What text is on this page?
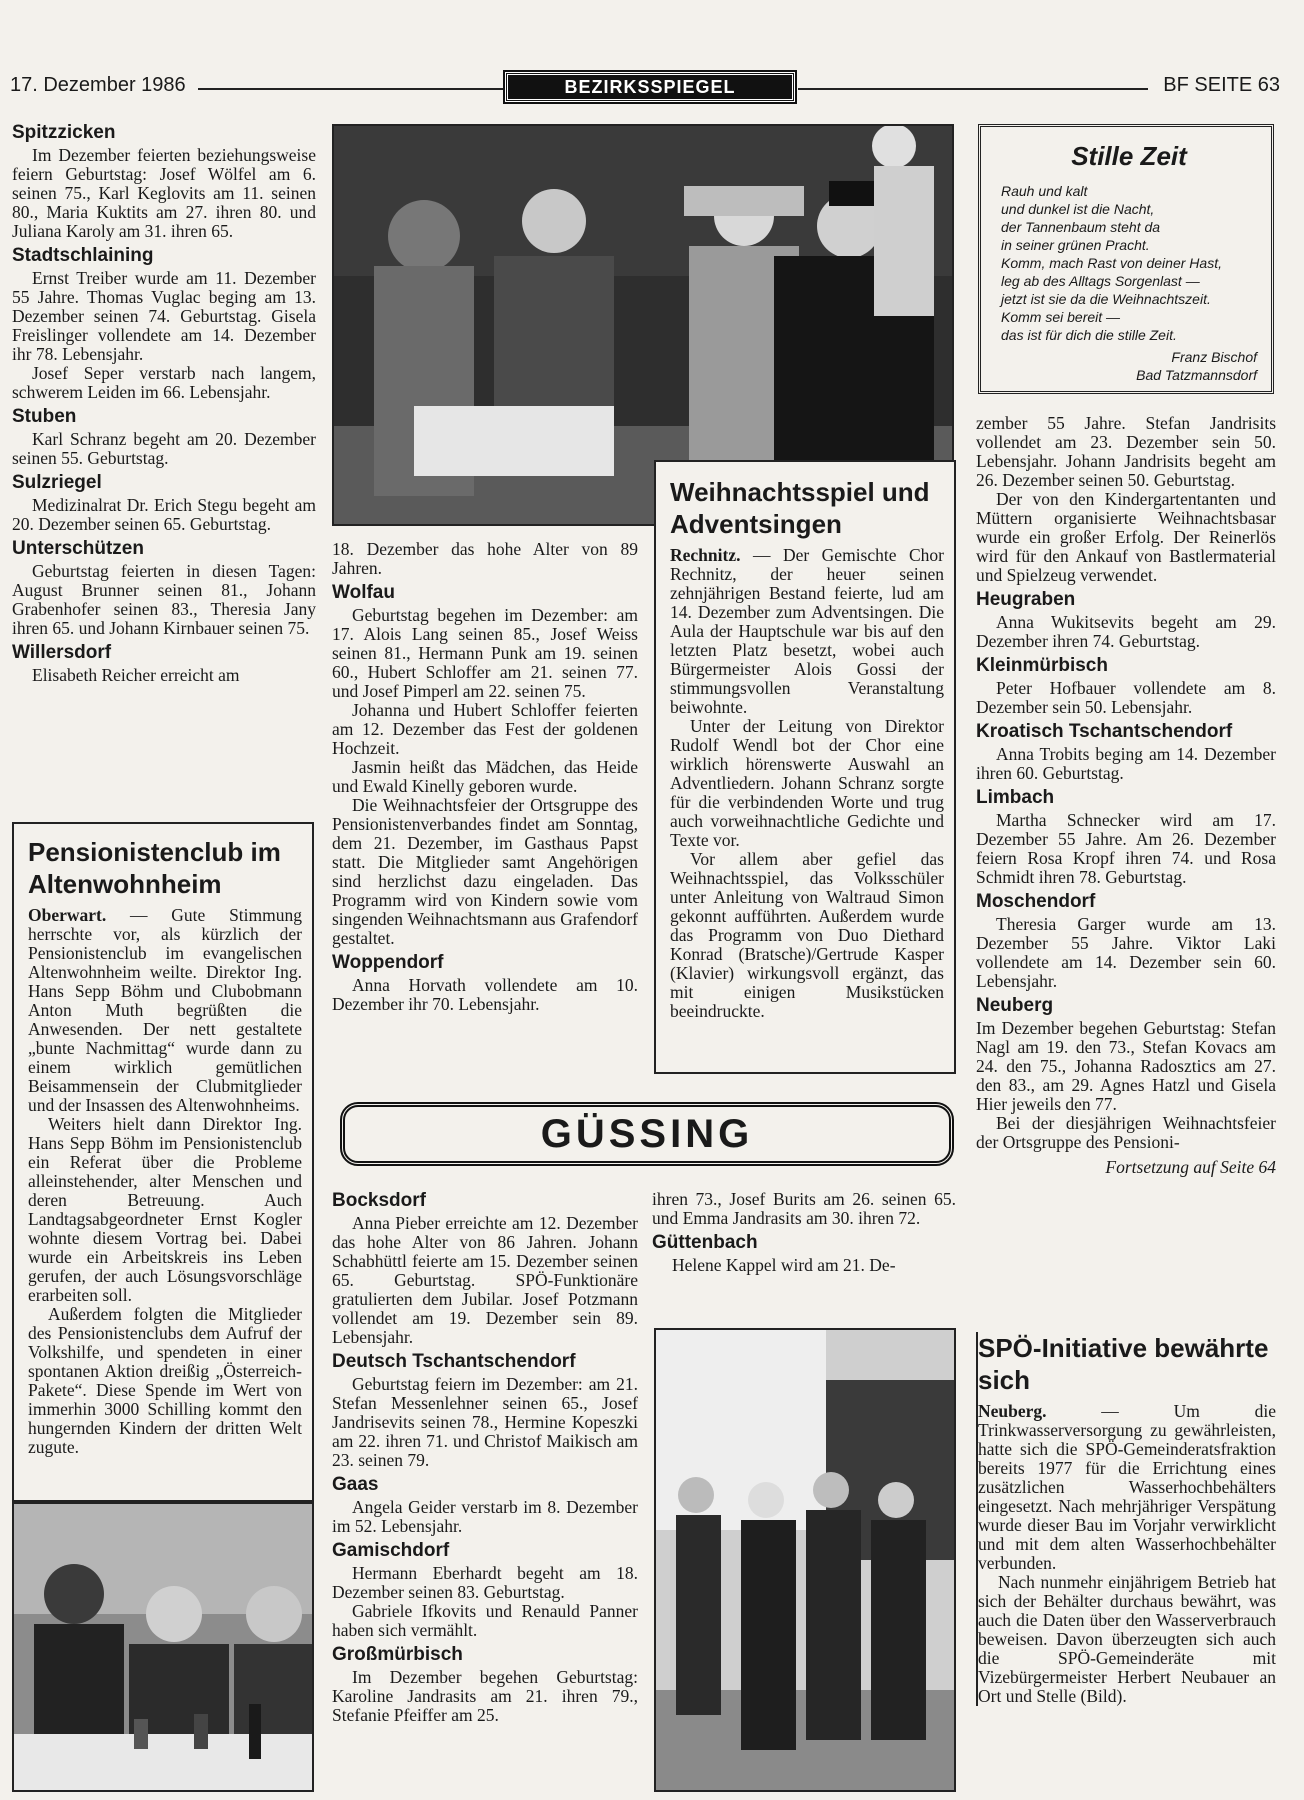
17. Dezember 1986	BEZIRKSSPIEGEL	BF SEITE 63
Spitzzicken

Im Dezember feierten beziehungsweise feiern Geburtstag: Josef Wölfel am 6. seinen 75., Karl Keglovits am 11. seinen 80., Maria Kuktits am 27. ihren 80. und Juliana Karoly am 31. ihren 65.

Stadtschlaining

Ernst Treiber wurde am 11. Dezember 55 Jahre. Thomas Vuglac beging am 13. Dezember seinen 74. Geburtstag. Gisela Freislinger vollendete am 14. Dezember ihr 78. Lebensjahr.

Josef Seper verstarb nach langem, schwerem Leiden im 66. Lebensjahr.

Stuben

Karl Schranz begeht am 20. Dezember seinen 55. Geburtstag.

Sulzriegel

Medizinalrat Dr. Erich Stegu begeht am 20. Dezember seinen 65. Geburtstag.

Unterschützen

Geburtstag feierten in diesen Tagen: August Brunner seinen 81., Johann Grabenhofer seinen 83., Theresia Jany ihren 65. und Johann Kirnbauer seinen 75.

Willersdorf

Elisabeth Reicher erreicht am

Pensionistenclub im Altenwohnheim

Oberwart. — Gute Stimmung herrschte vor, als kürzlich der Pensionistenclub im evangelischen Altenwohnheim weilte. Direktor Ing. Hans Sepp Böhm und Clubobmann Anton Muth begrüßten die Anwesenden. Der nett gestaltete „bunte Nachmittag“ wurde dann zu einem wirklich gemütlichen Beisammensein der Clubmitglieder und der Insassen des Altenwohnheims.

Weiters hielt dann Direktor Ing. Hans Sepp Böhm im Pensionistenclub ein Referat über die Probleme alleinstehender, alter Menschen und deren Betreuung. Auch Landtagsabgeordneter Ernst Kogler wohnte diesem Vortrag bei. Dabei wurde ein Arbeitskreis ins Leben gerufen, der auch Lösungsvorschläge erarbeiten soll.

Außerdem folgten die Mitglieder des Pensionistenclubs dem Aufruf der Volkshilfe, und spendeten in einer spontanen Aktion dreißig „Österreich-Pakete“. Diese Spende im Wert von immerhin 3000 Schilling kommt den hungernden Kindern der dritten Welt zugute.

18. Dezember das hohe Alter von 89 Jahren.

Wolfau

Geburtstag begehen im Dezember: am 17. Alois Lang seinen 85., Josef Weiss seinen 81., Hermann Punk am 19. seinen 60., Hubert Schloffer am 21. seinen 77. und Josef Pimperl am 22. seinen 75.

Johanna und Hubert Schloffer feierten am 12. Dezember das Fest der goldenen Hochzeit.

Jasmin heißt das Mädchen, das Heide und Ewald Kinelly geboren wurde.

Die Weihnachtsfeier der Ortsgruppe des Pensionistenverbandes findet am Sonntag, dem 21. Dezember, im Gasthaus Papst statt. Die Mitglieder samt Angehörigen sind herzlichst dazu eingeladen. Das Programm wird von Kindern sowie vom singenden Weihnachtsmann aus Grafendorf gestaltet.

Woppendorf

Anna Horvath vollendete am 10. Dezember ihr 70. Lebensjahr.

Weihnachtsspiel und Adventsingen

Rechnitz. — Der Gemischte Chor Rechnitz, der heuer seinen zehnjährigen Bestand feierte, lud am 14. Dezember zum Adventsingen. Die Aula der Hauptschule war bis auf den letzten Platz besetzt, wobei auch Bürgermeister Alois Gossi der stimmungsvollen Veranstaltung beiwohnte.

Unter der Leitung von Direktor Rudolf Wendl bot der Chor eine wirklich hörenswerte Auswahl an Adventliedern. Johann Schranz sorgte für die verbindenden Worte und trug auch vorweihnachtliche Gedichte und Texte vor.

Vor allem aber gefiel das Weihnachtsspiel, das Volksschüler unter Anleitung von Waltraud Simon gekonnt aufführten. Außerdem wurde das Programm von Duo Diethard Konrad (Bratsche)/Gertrude Kasper (Klavier) wirkungsvoll ergänzt, das mit einigen Musikstücken beeindruckte.

Stille Zeit
Rauh und kalt
und dunkel ist die Nacht,
der Tannenbaum steht da
in seiner grünen Pracht.
Komm, mach Rast von deiner Hast,
leg ab des Alltags Sorgenlast —
jetzt ist sie da die Weihnachtszeit.
Komm sei bereit —
das ist für dich die stille Zeit.
Franz Bischof
Bad Tatzmannsdorf

zember 55 Jahre. Stefan Jandrisits vollendet am 23. Dezember sein 50. Lebensjahr. Johann Jandrisits begeht am 26. Dezember seinen 50. Geburtstag.

Der von den Kindergartentanten und Müttern organisierte Weihnachtsbasar wurde ein großer Erfolg. Der Reinerlös wird für den Ankauf von Bastlermaterial und Spielzeug verwendet.

Heugraben

Anna Wukitsevits begeht am 29. Dezember ihren 74. Geburtstag.

Kleinmürbisch

Peter Hofbauer vollendete am 8. Dezember sein 50. Lebensjahr.

Kroatisch Tschantschendorf

Anna Trobits beging am 14. Dezember ihren 60. Geburtstag.

Limbach

Martha Schnecker wird am 17. Dezember 55 Jahre. Am 26. Dezember feiern Rosa Kropf ihren 74. und Rosa Schmidt ihren 78. Geburtstag.

Moschendorf

Theresia Garger wurde am 13. Dezember 55 Jahre. Viktor Laki vollendete am 14. Dezember sein 60. Lebensjahr.

Neuberg

Im Dezember begehen Geburtstag: Stefan Nagl am 19. den 73., Stefan Kovacs am 24. den 75., Johanna Radosztics am 27. den 83., am 29. Agnes Hatzl und Gisela Hier jeweils den 77.

Bei der diesjährigen Weihnachtsfeier der Ortsgruppe des Pensioni-

Fortsetzung auf Seite 64

GÜSSING
Bocksdorf

Anna Pieber erreichte am 12. Dezember das hohe Alter von 86 Jahren. Johann Schabhüttl feierte am 15. Dezember seinen 65. Geburtstag. SPÖ-Funktionäre gratulierten dem Jubilar. Josef Potzmann vollendet am 19. Dezember sein 89. Lebensjahr.

Deutsch Tschantschendorf

Geburtstag feiern im Dezember: am 21. Stefan Messenlehner seinen 65., Josef Jandrisevits seinen 78., Hermine Kopeszki am 22. ihren 71. und Christof Maikisch am 23. seinen 79.

Gaas

Angela Geider verstarb im 8. Dezember im 52. Lebensjahr.

Gamischdorf

Hermann Eberhardt begeht am 18. Dezember seinen 83. Geburtstag.

Gabriele Ifkovits und Renauld Panner haben sich vermählt.

Großmürbisch

Im Dezember begehen Geburtstag: Karoline Jandrasits am 21. ihren 79., Stefanie Pfeiffer am 25.

ihren 73., Josef Burits am 26. seinen 65. und Emma Jandrasits am 30. ihren 72.

Güttenbach

Helene Kappel wird am 21. De-

SPÖ-Initiative bewährte sich

Neuberg. — Um die Trinkwasserversorgung zu gewährleisten, hatte sich die SPÖ-Gemeinderatsfraktion bereits 1977 für die Errichtung eines zusätzlichen Wasserhochbehälters eingesetzt. Nach mehrjähriger Verspätung wurde dieser Bau im Vorjahr verwirklicht und mit dem alten Wasserhochbehälter verbunden.

Nach nunmehr einjährigem Betrieb hat sich der Behälter durchaus bewährt, was auch die Daten über den Wasserverbrauch beweisen. Davon überzeugten sich auch die SPÖ-Gemeinderäte mit Vizebürgermeister Herbert Neubauer an Ort und Stelle (Bild).
